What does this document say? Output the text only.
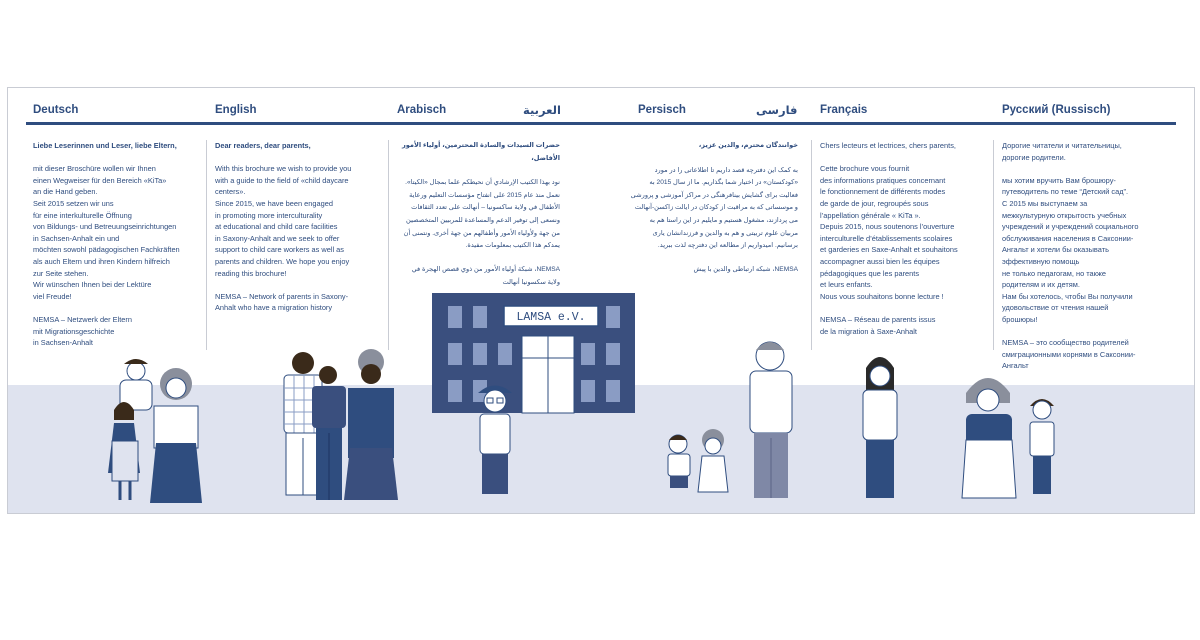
LAMSA e.V.
Deutsch

Liebe Leserinnen und Leser, liebe Eltern,

mit dieser Broschüre wollen wir Ihnen
einen Wegweiser für den Bereich «KiTa»
an die Hand geben.
Seit 2015 setzen wir uns
für eine interkulturelle Öffnung
von Bildungs- und Betreuungseinrichtungen
in Sachsen-Anhalt ein und
möchten sowohl pädagogischen Fachkräften
als auch Eltern und ihren Kindern hilfreich
zur Seite stehen.
Wir wünschen Ihnen bei der Lektüre
viel Freude!

NEMSA – Netzwerk der Eltern
mit Migrationsgeschichte
in Sachsen-Anhalt

English

Dear readers, dear parents,

With this brochure we wish to provide you
with a guide to the field of «child daycare
centers».
Since 2015, we have been engaged
in promoting more interculturality
at educational and child care facilities
in Saxony-Anhalt and we seek to offer
support to child care workers as well as
parents and children. We hope you enjoy
reading this brochure!

NEMSA – Network of parents in Saxony-
Anhalt who have a migration history

Arabisch	العربية

حضرات السيدات والسادة المحترمين، أولياء الأمور الأفاضل،

نود بهذا الكتيب الإرشادي أن نحيطكم علما بمجال «الكيتا».
نعمل منذ عام 2015 على انفتاح مؤسسات التعليم ورعاية
الأطفال في ولاية ساكسونيا – أنهالت على تعدد الثقافات
ونسعى إلى توفير الدعم والمساعدة للمربيين المتخصصين
من جهة ولأولياء الأمور وأطفالهم من جهة أخرى. ونتمنى أن
يمدكم هذا الكتيب بمعلومات مفيدة.

NEMSA، شبكة أولياء الأمور من ذوي قصص الهجرة في
ولاية سكسونيا أنهالت

Persisch	فارسی

خوانندگان محترم، والدین عزیز،

به کمک این دفترچه قصد داریم تا اطلاعاتی را در مورد
«کودکستان» در اختیار شما بگذاریم. ما از سال 2015 به
فعالیت برای گشایش بینافرهنگی در مراکز آموزشی و پرورشی
و موسساتی که به مراقبت از کودکان در ایالت زاکسن-آنهالت
می پردازند، مشغول هستیم و مایلیم در این راستا هم به
مربیان علوم تربیتی و هم به والدین و فرزندانشان یاری
برسانیم. امیدواریم از مطالعه این دفترچه لذت ببرید.

NEMSA، شبکه ارتباطی والدین با پیش

Français

Chers lecteurs et lectrices, chers parents,

Cette brochure vous fournit
des informations pratiques concernant
le fonctionnement de différents modes
de garde de jour, regroupés sous
l’appellation générale « KiTa ».
Depuis 2015, nous soutenons l’ouverture
interculturelle d’établissements scolaires
et garderies en Saxe-Anhalt et souhaitons
accompagner aussi bien les équipes
pédagogiques que les parents
et leurs enfants.
Nous vous souhaitons bonne lecture !

NEMSA – Réseau de parents issus
de la migration à Saxe-Anhalt

Русский (Russisch)

Дорогие читатели и читательницы,
дорогие родители.

мы хотим вручить Вам брошюру-
путеводитель по теме “Детский сад”.
С 2015 мы выступаем за
межкультурную открытость учебных
учреждений и учреждений социального
обслуживания населения в Саксонии-
Ангальт и хотели бы оказывать
эффективную помощь
не только педагогам, но также
родителям и их детям.
Нам бы хотелось, чтобы Вы получили
удовольствие от чтения нашей
брошюры!

NEMSA – это сообщество родителей
смиграционными корнями в Саксонии-
Ангальт
